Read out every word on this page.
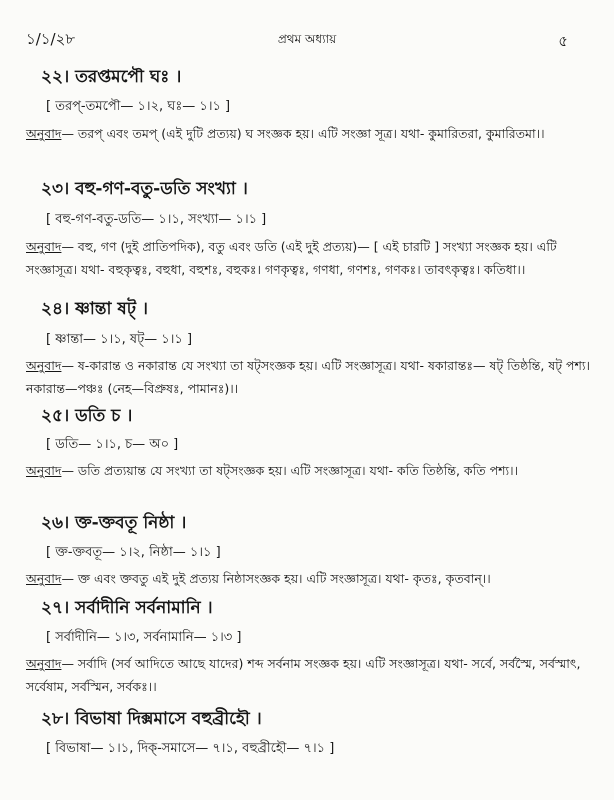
১/১/২৮	প্রথম অধ্যায়	৫
২২। তরপ্তমপৌ ঘঃ ।
[ তরপ্-তমপৌ— ১।২, ঘঃ— ১।১ ]
অনুবাদ— তরপ্ এবং তমপ্ (এই দুটি প্রত্যয়) ঘ সংজ্ঞক হয়। এটি সংজ্ঞা সূত্র। যথা- কুমারিতরা, কুমারিতমা।।
২৩। বহু-গণ-বতু-ডতি সংখ্যা ।
[ বহু-গণ-বতু-ডতি— ১।১, সংখ্যা— ১।১ ]
অনুবাদ— বহু, গণ (দুই প্রাতিপদিক), বতু এবং ডতি (এই দুই প্রত্যয়)— [ এই চারটি ] সংখ্যা সংজ্ঞক হয়। এটি সংজ্ঞাসূত্র। যথা- বহুকৃত্বঃ, বহুধা, বহুশঃ, বহুকঃ। গণকৃত্বঃ, গণধা, গণশঃ, গণকঃ। তাবৎকৃত্বঃ। কতিধা।।
২৪। ষ্ণান্তা ষট্ ।
[ ষ্ণান্তা— ১।১, ষট্— ১।১ ]
অনুবাদ— ষ-কারান্ত ও নকারান্ত যে সংখ্যা তা ষট্সংজ্ঞক হয়। এটি সংজ্ঞাসূত্র। যথা- ষকারান্তঃ— ষট্ তিষ্ঠন্তি, ষট্ পশ্য। নকারান্ত—পঞ্চঃ (নেহ—বিপ্রুষঃ, পামানঃ)।।
২৫। ডতি চ ।
[ ডতি— ১।১, চ— অ০ ]
অনুবাদ— ডতি প্রত্যয়ান্ত যে সংখ্যা তা ষট্সংজ্ঞক হয়। এটি সংজ্ঞাসূত্র। যথা- কতি তিষ্ঠন্তি, কতি পশ্য।।
২৬। ক্ত-ক্তবতূ নিষ্ঠা ।
[ ক্ত-ক্তবতূ— ১।২, নিষ্ঠা— ১।১ ]
অনুবাদ— ক্ত এবং ক্তবতু এই দুই প্রত্যয় নিষ্ঠাসংজ্ঞক হয়। এটি সংজ্ঞাসূত্র। যথা- কৃতঃ, কৃতবান্।।
২৭। সর্বাদীনি সর্বনামানি ।
[ সর্বাদীনি— ১।৩, সর্বনামানি— ১।৩ ]
অনুবাদ— সর্বাদি (সর্ব আদিতে আছে যাদের) শব্দ সর্বনাম সংজ্ঞক হয়। এটি সংজ্ঞাসূত্র। যথা- সর্বে, সর্বস্মৈ, সর্বস্মাৎ, সর্বেষাম, সর্বস্মিন, সর্বকঃ।।
২৮। বিভাষা দিক্সমাসে বহুব্রীহৌ ।
[ বিভাষা— ১।১, দিক্-সমাসে— ৭।১, বহুব্রীহৌ— ৭।১ ]
